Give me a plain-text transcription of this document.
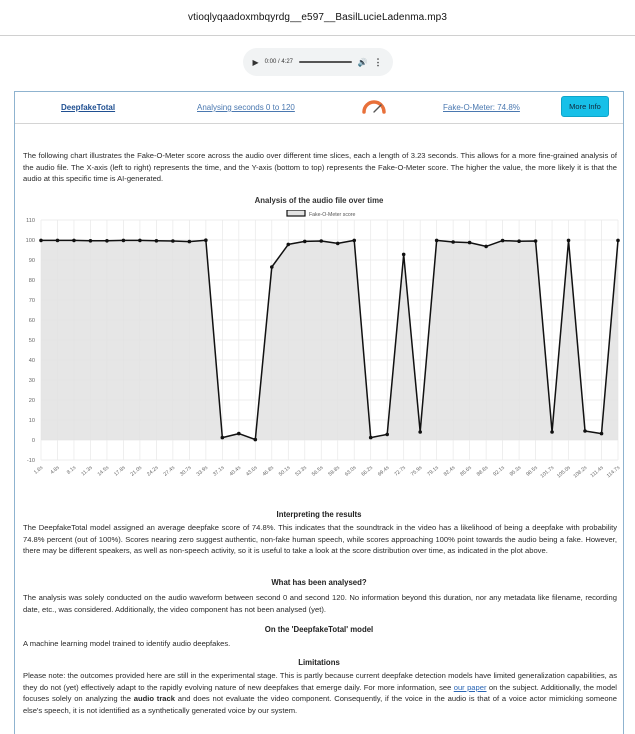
vtioqlyqaadoxmbqyrdg__e597__BasilLucieLadenma.mp3
▶ 0:00 / 4:27	🔊 ⋮
DeepfakeTotal	Analysing seconds 0 to 120	Fake-O-Meter: 74.8%	More Info

The following chart illustrates the Fake-O-Meter score across the audio over different time slices, each a length of 3.23 seconds. This allows for a more fine-grained analysis of the audio file. The X-axis (left to right) represents the time, and the Y-axis (bottom to top) represents the Fake-O-Meter score. The higher the value, the more likely it is that the audio at this specific time is AI-generated.

Analysis of the audio file over time
Fake-O-Meter score
-10
0
10
20
30
40
50
60
70
80
90
100
110
1.6s 4.8s 8.1s 11.3s 14.5s 17.8s 21.0s 24.2s 27.4s 30.7s 33.9s 37.1s 40.4s 43.6s 46.8s 50.1s 53.3s 56.5s 59.8s 63.0s 66.2s 69.4s 72.7s 75.9s 79.1s 82.4s 85.6s 88.8s 92.1s 95.3s 98.5s 101.7s 105.0s 108.2s 111.4s 114.7s
Interpreting the results

The DeepfakeTotal model assigned an average deepfake score of 74.8%. This indicates that the soundtrack in the video has a likelihood of being a deepfake with probability 74.8% percent (out of 100%). Scores nearing zero suggest authentic, non-fake human speech, while scores approaching 100% point towards the audio being a fake. However, there may be different speakers, as well as non-speech activity, so it is useful to take a look at the score distribution over time, as indicated in the plot above.

What has been analysed?

The analysis was solely conducted on the audio waveform between second 0 and second 120. No information beyond this duration, nor any metadata like filename, recording date, etc., was considered. Additionally, the video component has not been analysed (yet).

On the 'DeepfakeTotal' model

A machine learning model trained to identify audio deepfakes.

Limitations

Please note: the outcomes provided here are still in the experimental stage. This is partly because current deepfake detection models have limited generalization capabilities, as they do not (yet) effectively adapt to the rapidly evolving nature of new deepfakes that emerge daily. For more information, see our paper on the subject. Additionally, the model focuses solely on analyzing the audio track and does not evaluate the video component. Consequently, if the voice in the audio is that of a voice actor mimicking someone else's speech, it is not identified as a synthetically generated voice by our system.
